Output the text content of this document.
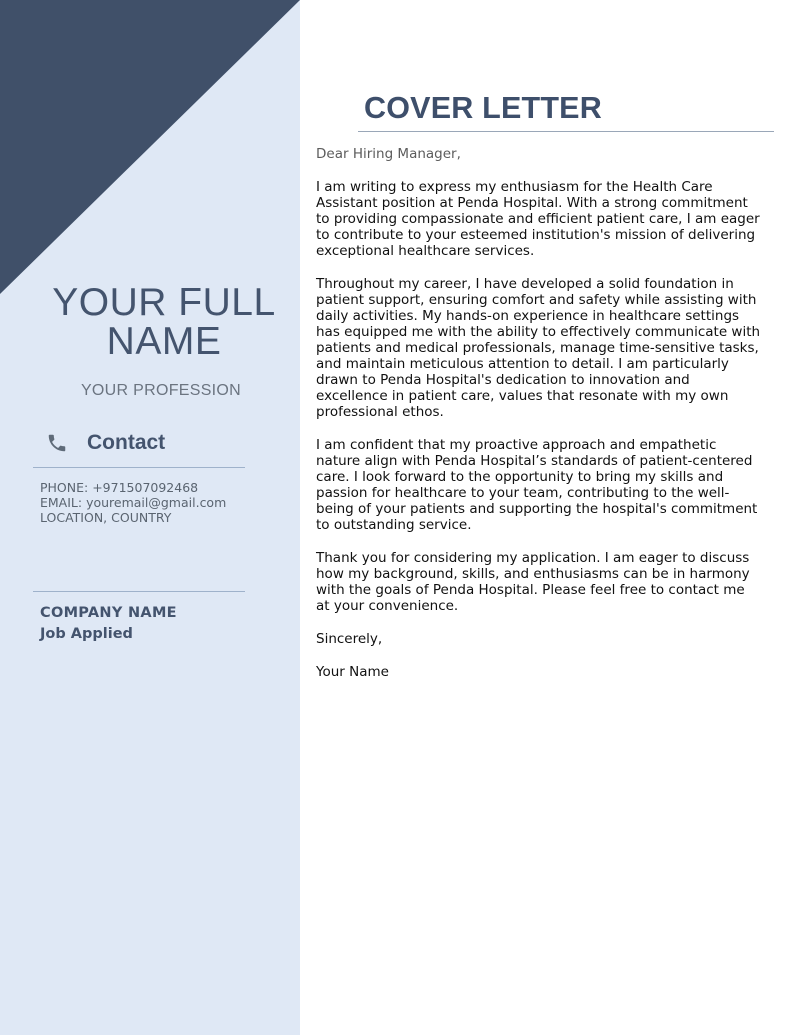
YOUR FULL
NAME
YOUR PROFESSION
Contact
PHONE: +971507092468
EMAIL: youremail@gmail.com
LOCATION, COUNTRY
COMPANY NAME
Job Applied
COVER LETTER

Dear Hiring Manager,

I am writing to express my enthusiasm for the Health Care Assistant position at Penda Hospital. With a strong commitment to providing compassionate and efficient patient care, I am eager to contribute to your esteemed institution's mission of delivering exceptional healthcare services.

Throughout my career, I have developed a solid foundation in patient support, ensuring comfort and safety while assisting with daily activities. My hands-on experience in healthcare settings has equipped me with the ability to effectively communicate with patients and medical professionals, manage time-sensitive tasks, and maintain meticulous attention to detail. I am particularly drawn to Penda Hospital's dedication to innovation and excellence in patient care, values that resonate with my own professional ethos.

I am confident that my proactive approach and empathetic nature align with Penda Hospital’s standards of patient-centered care. I look forward to the opportunity to bring my skills and passion for healthcare to your team, contributing to the well-being of your patients and supporting the hospital's commitment to outstanding service.

Thank you for considering my application. I am eager to discuss how my background, skills, and enthusiasms can be in harmony with the goals of Penda Hospital. Please feel free to contact me at your convenience.

Sincerely,

Your Name
